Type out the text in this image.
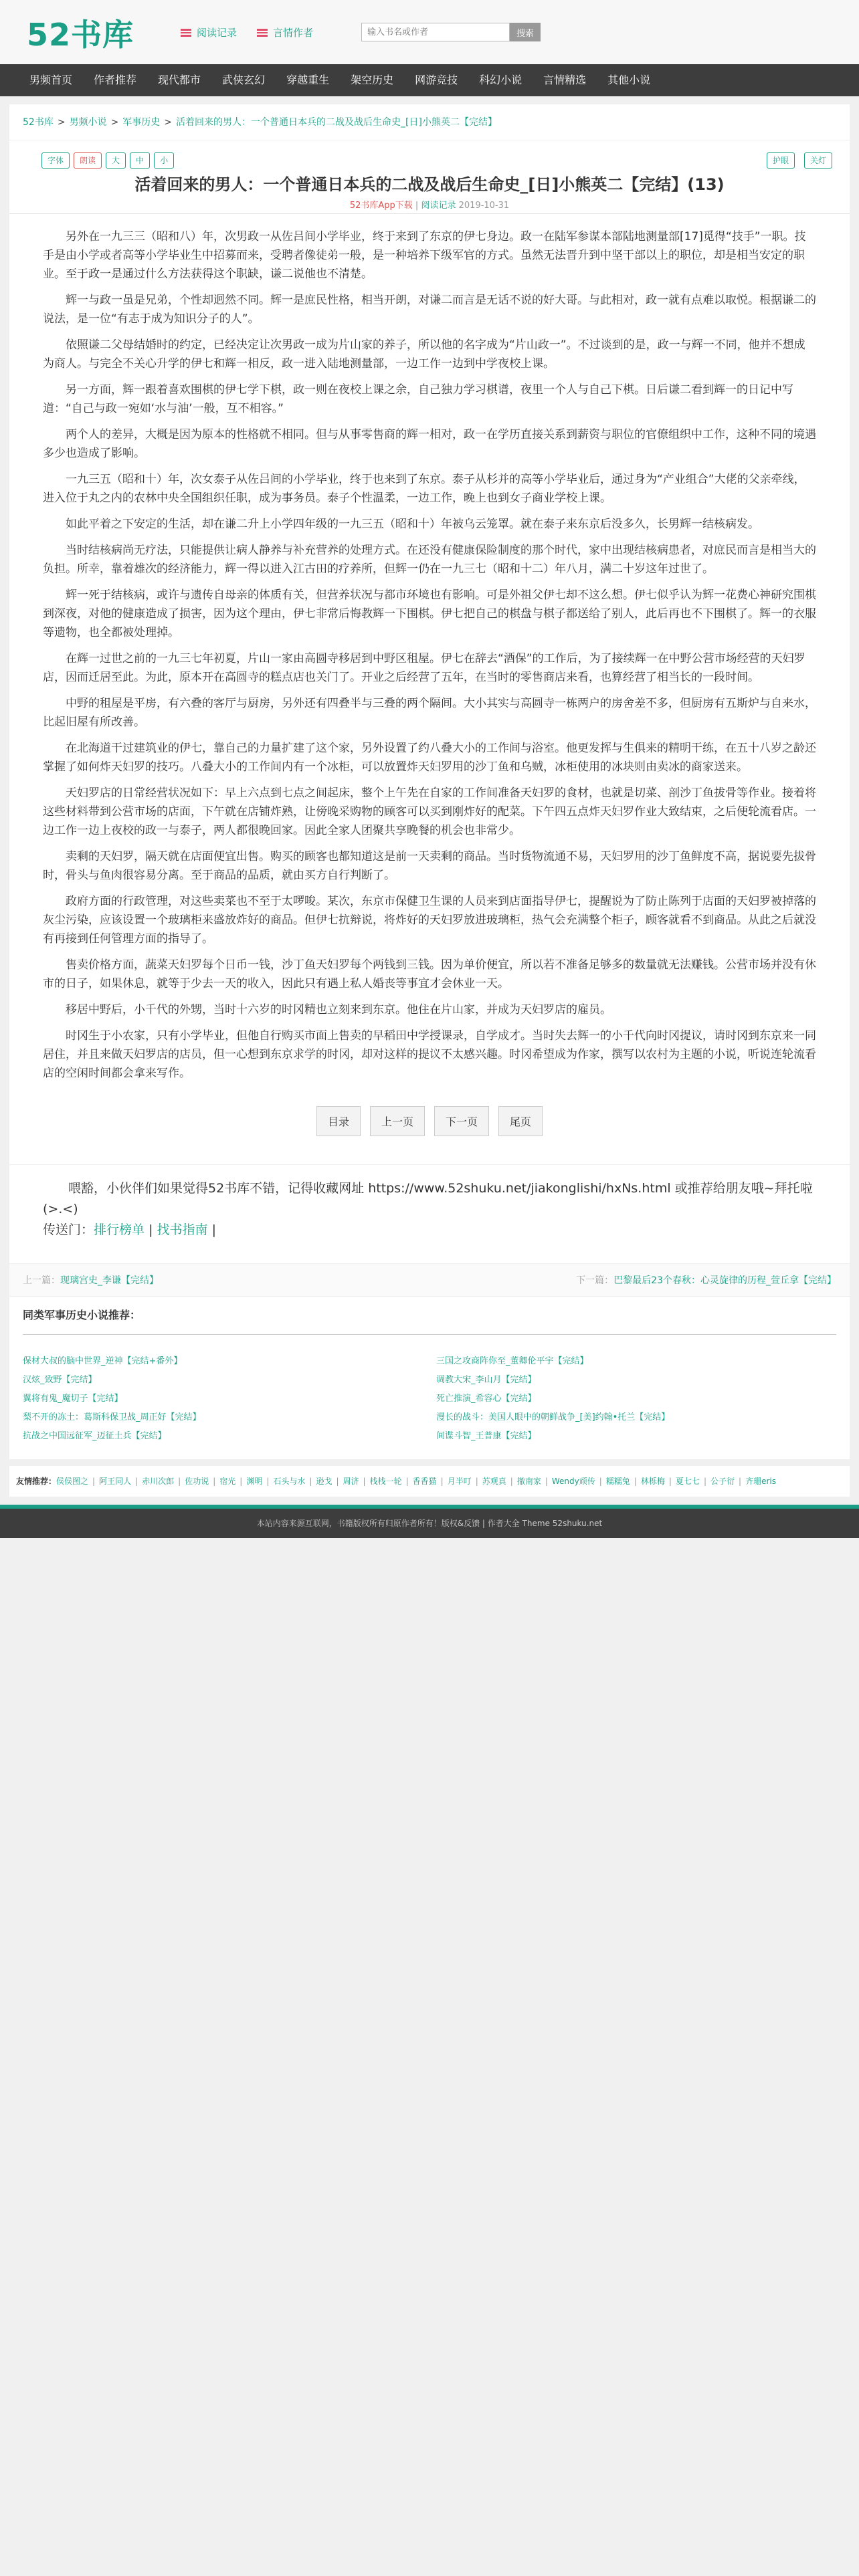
52书库	阅读记录	言情作者
输入书名或作者	搜索
男频首页	作者推荐	现代都市	武侠玄幻	穿越重生	架空历史	网游竞技	科幻小说	言情精选	其他小说
52书库 > 男频小说 > 军事历史 > 活着回来的男人：一个普通日本兵的二战及战后生命史_[日]小熊英二【完结】
字体	朗读	大	中	小	护眼	关灯
活着回来的男人：一个普通日本兵的二战及战后生命史_[日]小熊英二【完结】(13)
52书库App下载 | 阅读记录 2019-10-31

另外在一九三三（昭和八）年，次男政一从佐吕间小学毕业，终于来到了东京的伊七身边。政一在陆军参谋本部陆地测量部[17]觅得“技手”一职。技手是由小学或者高等小学毕业生中招募而来，受聘者像徒弟一般，是一种培养下级军官的方式。虽然无法晋升到中坚干部以上的职位，却是相当安定的职业。至于政一是通过什么方法获得这个职缺，谦二说他也不清楚。

辉一与政一虽是兄弟，个性却迥然不同。辉一是庶民性格，相当开朗，对谦二而言是无话不说的好大哥。与此相对，政一就有点难以取悦。根据谦二的说法，是一位“有志于成为知识分子的人”。

依照谦二父母结婚时的约定，已经决定让次男政一成为片山家的养子，所以他的名字成为“片山政一”。不过谈到的是，政一与辉一不同，他并不想成为商人。与完全不关心升学的伊七和辉一相反，政一进入陆地测量部，一边工作一边到中学夜校上课。

另一方面，辉一跟着喜欢围棋的伊七学下棋，政一则在夜校上课之余，自己独力学习棋谱，夜里一个人与自己下棋。日后谦二看到辉一的日记中写道：“自己与政一宛如‘水与油’一般，互不相容。”

两个人的差异，大概是因为原本的性格就不相同。但与从事零售商的辉一相对，政一在学历直接关系到薪资与职位的官僚组织中工作，这种不同的境遇多少也造成了影响。

一九三五（昭和十）年，次女泰子从佐吕间的小学毕业，终于也来到了东京。泰子从杉并的高等小学毕业后，通过身为“产业组合”大佬的父亲牵线，进入位于丸之内的农林中央全国组织任职，成为事务员。泰子个性温柔，一边工作，晚上也到女子商业学校上课。

如此平着之下安定的生活，却在谦二升上小学四年级的一九三五（昭和十）年被乌云笼罩。就在泰子来东京后没多久，长男辉一结核病发。

当时结核病尚无疗法，只能提供让病人静养与补充营养的处理方式。在还没有健康保险制度的那个时代，家中出现结核病患者，对庶民而言是相当大的负担。所幸，靠着雄次的经济能力，辉一得以进入江古田的疗养所，但辉一仍在一九三七（昭和十二）年八月，满二十岁这年过世了。

辉一死于结核病，或许与遗传自母亲的体质有关，但营养状况与都市环境也有影响。可是外祖父伊七却不这么想。伊七似乎认为辉一花费心神研究围棋到深夜，对他的健康造成了损害，因为这个理由，伊七非常后悔教辉一下围棋。伊七把自己的棋盘与棋子都送给了别人，此后再也不下围棋了。辉一的衣服等遗物，也全都被处理掉。

在辉一过世之前的一九三七年初夏，片山一家由高圆寺移居到中野区租屋。伊七在辞去“酒保”的工作后，为了接续辉一在中野公营市场经营的天妇罗店，因而迁居至此。为此，原本开在高圆寺的糕点店也关门了。开业之后经营了五年，在当时的零售商店来看，也算经营了相当长的一段时间。

中野的租屋是平房，有六叠的客厅与厨房，另外还有四叠半与三叠的两个隔间。大小其实与高圆寺一栋两户的房舍差不多，但厨房有五斯炉与自来水，比起旧屋有所改善。

在北海道干过建筑业的伊七，靠自己的力量扩建了这个家，另外设置了约八叠大小的工作间与浴室。他更发挥与生俱来的精明干练，在五十八岁之龄还掌握了如何炸天妇罗的技巧。八叠大小的工作间内有一个冰柜，可以放置炸天妇罗用的沙丁鱼和乌贼，冰柜使用的冰块则由卖冰的商家送来。

天妇罗店的日常经营状况如下：早上六点到七点之间起床，整个上午先在自家的工作间准备天妇罗的食材，也就是切菜、剖沙丁鱼拔骨等作业。接着将这些材料带到公营市场的店面，下午就在店铺炸熟，让傍晚采购物的顾客可以买到刚炸好的配菜。下午四五点炸天妇罗作业大致结束，之后便轮流看店。一边工作一边上夜校的政一与泰子，两人都很晚回家。因此全家人团聚共享晚餐的机会也非常少。

卖剩的天妇罗，隔天就在店面便宜出售。购买的顾客也都知道这是前一天卖剩的商品。当时货物流通不易，天妇罗用的沙丁鱼鲜度不高，据说要先拔骨时，骨头与鱼肉很容易分离。至于商品的品质，就由买方自行判断了。

政府方面的行政管理，对这些卖菜也不至于太啰唆。某次，东京市保健卫生课的人员来到店面指导伊七，提醒说为了防止陈列于店面的天妇罗被掉落的灰尘污染，应该设置一个玻璃柜来盛放炸好的商品。但伊七抗辩说，将炸好的天妇罗放进玻璃柜，热气会充满整个柜子，顾客就看不到商品。从此之后就没有再接到任何管理方面的指导了。

售卖价格方面，蔬菜天妇罗每个日币一钱，沙丁鱼天妇罗每个两钱到三钱。因为单价便宜，所以若不准备足够多的数量就无法赚钱。公营市场并没有休市的日子，如果休息，就等于少去一天的收入，因此只有遇上私人婚丧等事宜才会休业一天。

移居中野后，小千代的外甥，当时十六岁的时冈精也立刻来到东京。他住在片山家，并成为天妇罗店的雇员。

时冈生于小农家，只有小学毕业，但他自行购买市面上售卖的早稻田中学授课录，自学成才。当时失去辉一的小千代向时冈提议，请时冈到东京来一同居住，并且来做天妇罗店的店员，但一心想到东京求学的时冈，却对这样的提议不太感兴趣。时冈希望成为作家，撰写以农村为主题的小说，听说连轮流看店的空闲时间都会拿来写作。

目录	上一页	下一页	尾页
喂豁，小伙伴们如果觉得52书库不错，记得收藏网址 https://www.52shuku.net/jiakonglishi/hxNs.html 或推荐给朋友哦~拜托啦 (>.<)
传送门：排行榜单 | 找书指南 |
上一篇：现璃宫史_李谦【完结】	下一篇：巴黎最后23个春秋：心灵旋律的历程_萱丘拿【完结】
同类军事历史小说推荐：
保材大叔的脑中世界_逆神【完结+番外】	三国之攻商阵你至_董卿伦平宇【完结】
汉炫_致野【完结】	调教大宋_李山月【完结】
翼将有鬼_魔切子【完结】	死亡推演_希容心【完结】
梨不开的冻土：葛斯科保卫战_周正好【完结】	漫长的战斗：美国人眼中的朝鲜战争_[美]约翰•托兰【完结】
抗战之中国远征军_迈征土兵【完结】	间谍斗智_王普康【完结】
友情推荐：侯侯图之 | 阿王同人 | 赤川次郎 | 佐功说 | 宿光 | 渊明 | 石头与水 | 逊戈 | 周济 | 栈栈一轮 | 香香猫 | 月半叮 | 苏观真 | 撤南家 | Wendy顽传 | 糯糯兔 | 林栎梅 | 夏七七 | 公子衍 | 齐珊eris
本站内容来源互联网，书籍版权所有归原作者所有！版权&反馈 | 作者大全 Theme 52shuku.net
